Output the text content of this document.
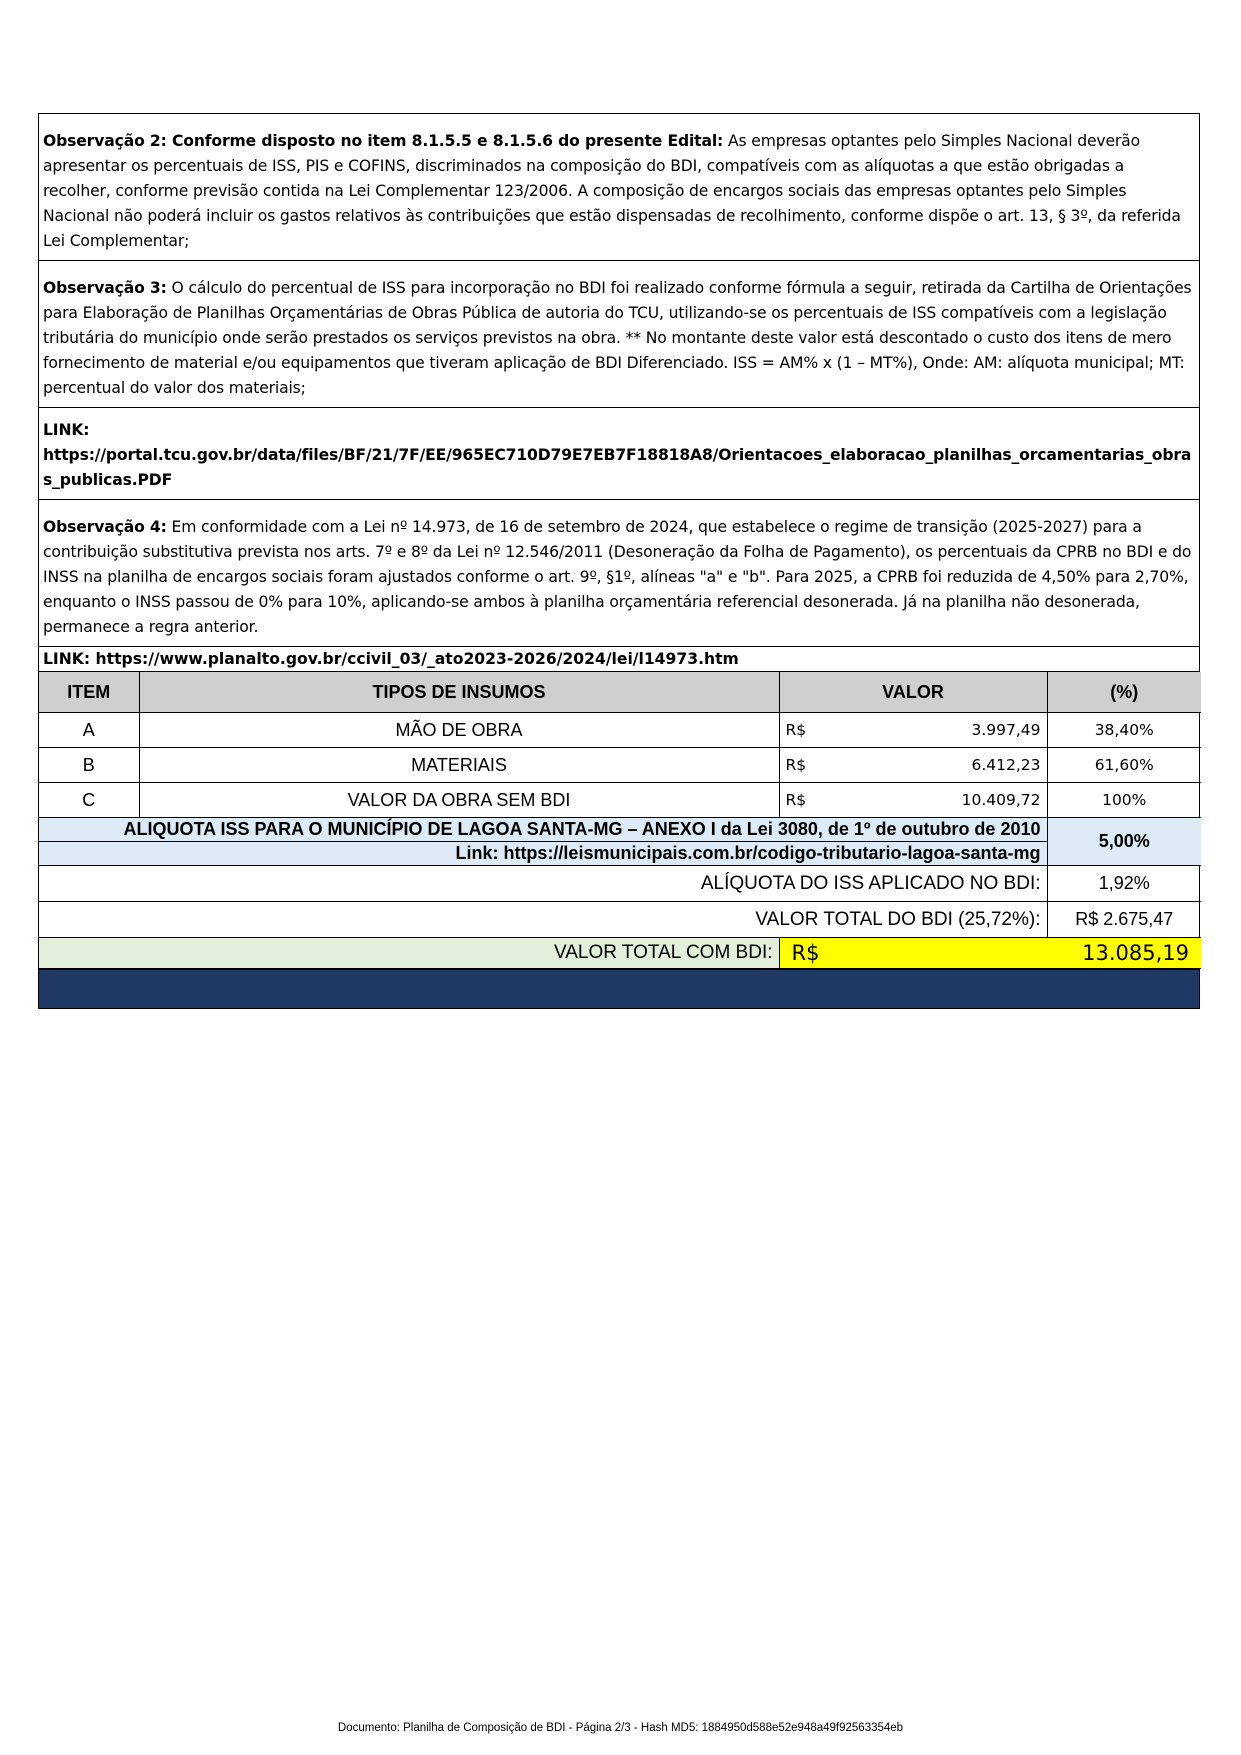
Observação 2: Conforme disposto no item 8.1.5.5 e 8.1.5.6 do presente Edital: As empresas optantes pelo Simples Nacional deverão apresentar os percentuais de ISS, PIS e COFINS, discriminados na composição do BDI, compatíveis com as alíquotas a que estão obrigadas a recolher, conforme previsão contida na Lei Complementar 123/2006. A composição de encargos sociais das empresas optantes pelo Simples Nacional não poderá incluir os gastos relativos às contribuições que estão dispensadas de recolhimento, conforme dispõe o art. 13, § 3º, da referida Lei Complementar;
Observação 3: O cálculo do percentual de ISS para incorporação no BDI foi realizado conforme fórmula a seguir, retirada da Cartilha de Orientações para Elaboração de Planilhas Orçamentárias de Obras Pública de autoria do TCU, utilizando-se os percentuais de ISS compatíveis com a legislação tributária do município onde serão prestados os serviços previstos na obra. ** No montante deste valor está descontado o custo dos itens de mero fornecimento de material e/ou equipamentos que tiveram aplicação de BDI Diferenciado. ISS = AM% x (1 – MT%), Onde: AM: alíquota municipal; MT: percentual do valor dos materiais;
LINK:
https://portal.tcu.gov.br/data/files/BF/21/7F/EE/965EC710D79E7EB7F18818A8/Orientacoes_elaboracao_planilhas_orcamentarias_obras_publicas.PDF
Observação 4: Em conformidade com a Lei nº 14.973, de 16 de setembro de 2024, que estabelece o regime de transição (2025-2027) para a contribuição substitutiva prevista nos arts. 7º e 8º da Lei nº 12.546/2011 (Desoneração da Folha de Pagamento), os percentuais da CPRB no BDI e do INSS na planilha de encargos sociais foram ajustados conforme o art. 9º, §1º, alíneas "a" e "b". Para 2025, a CPRB foi reduzida de 4,50% para 2,70%, enquanto o INSS passou de 0% para 10%, aplicando-se ambos à planilha orçamentária referencial desonerada. Já na planilha não desonerada, permanece a regra anterior.
LINK: https://www.planalto.gov.br/ccivil_03/_ato2023-2026/2024/lei/l14973.htm
ITEM	TIPOS DE INSUMOS	VALOR	(%)
A	MÃO DE OBRA	R$ 3.997,49	38,40%
B	MATERIAIS	R$ 6.412,23	61,60%
C	VALOR DA OBRA SEM BDI	R$ 10.409,72	100%
ALIQUOTA ISS PARA O MUNICÍPIO DE LAGOA SANTA-MG – ANEXO I da Lei 3080, de 1º de outubro de 2010			5,00%
Link: https://leismunicipais.com.br/codigo-tributario-lagoa-santa-mg			
ALÍQUOTA DO ISS APLICADO NO BDI:			1,92%
VALOR TOTAL DO BDI (25,72%):			R$ 2.675,47
VALOR TOTAL COM BDI:		R$ 13.085,19	
Documento: Planilha de Composição de BDI - Página 2/3 - Hash MD5: 1884950d588e52e948a49f92563354eb
